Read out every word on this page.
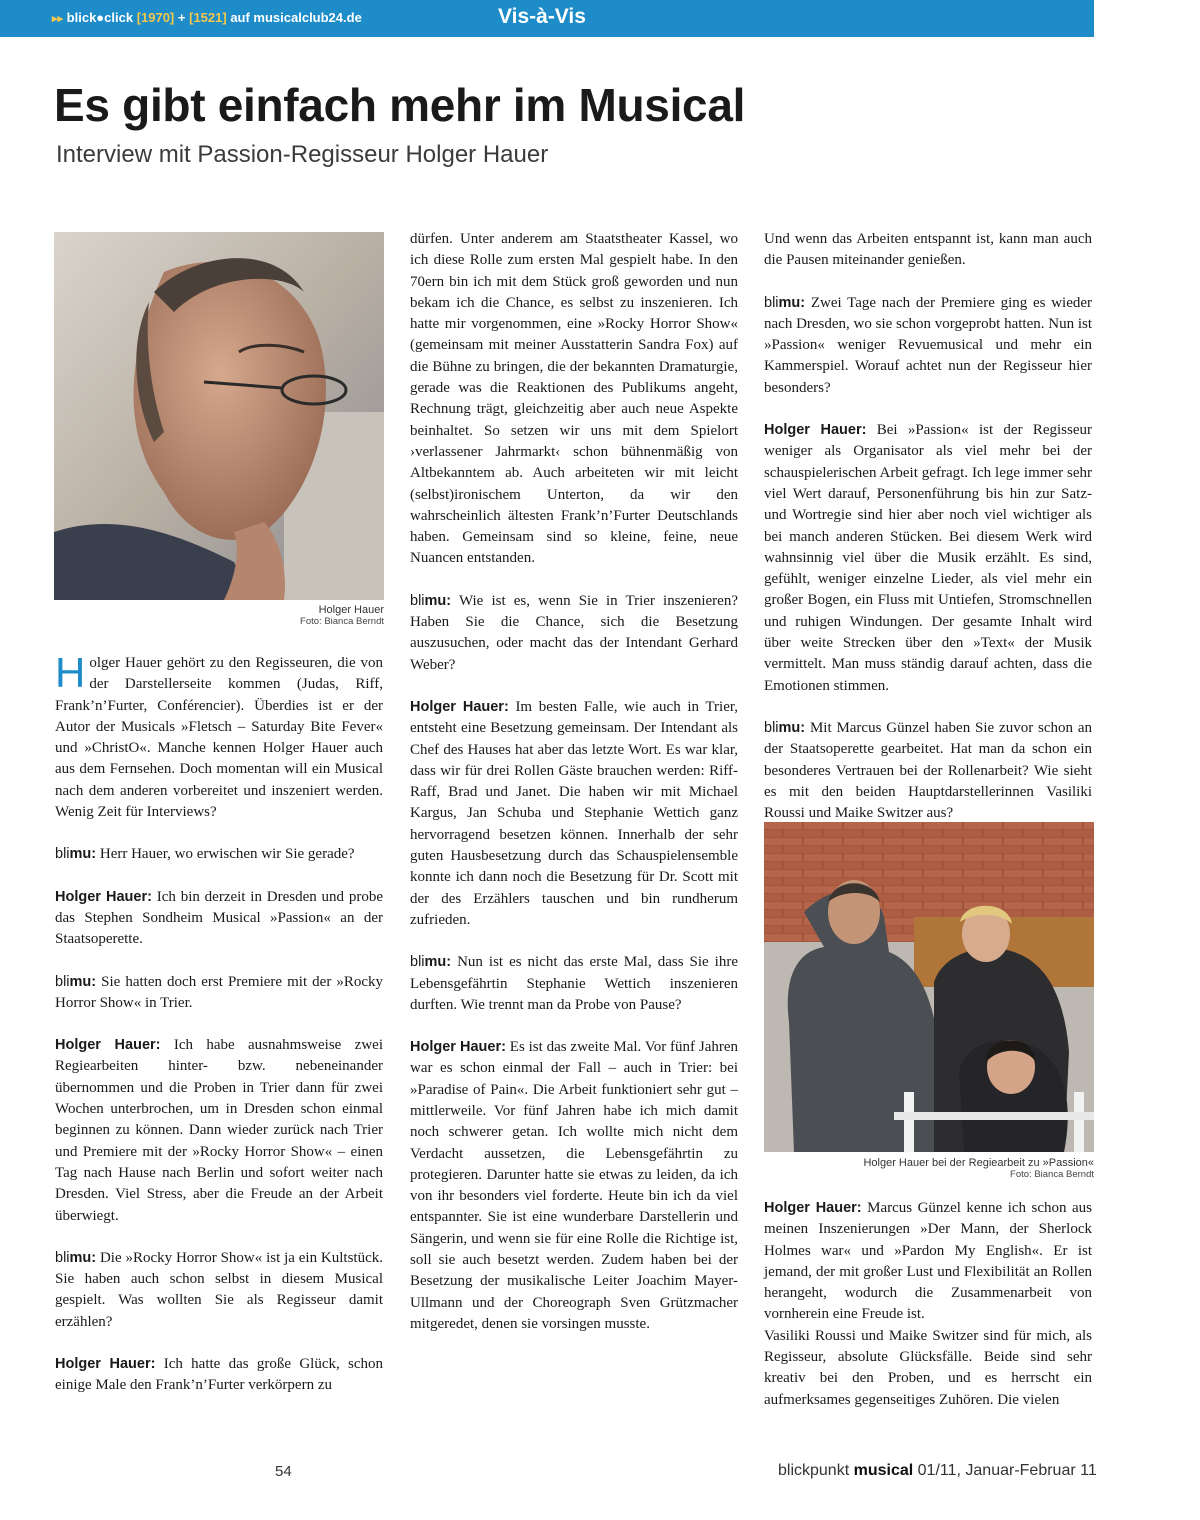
▸▸ blick●click [1970] + [1521] auf musicalclub24.de	Vis-à-Vis
Es gibt einfach mehr im Musical
Interview mit Passion-Regisseur Holger Hauer
Holger Hauer
Foto: Bianca Berndt

Holger Hauer gehört zu den Regisseuren, die von der Darstellerseite kommen (Judas, Riff, Frank’n’Furter, Conférencier). Überdies ist er der Autor der Musicals »Fletsch – Saturday Bite Fever« und »ChristO«. Manche kennen Holger Hauer auch aus dem Fernsehen. Doch momentan will ein Musical nach dem anderen vorbereitet und inszeniert werden. Wenig Zeit für Interviews?

blimu: Herr Hauer, wo erwischen wir Sie gerade?

Holger Hauer: Ich bin derzeit in Dresden und probe das Stephen Sondheim Musical »Passion« an der Staatsoperette.

blimu: Sie hatten doch erst Premiere mit der »Rocky Horror Show« in Trier.

Holger Hauer: Ich habe ausnahmsweise zwei Regiearbeiten hinter- bzw. nebeneinander übernommen und die Proben in Trier dann für zwei Wochen unterbrochen, um in Dresden schon einmal beginnen zu können. Dann wieder zurück nach Trier und Premiere mit der »Rocky Horror Show« – einen Tag nach Hause nach Berlin und sofort weiter nach Dresden. Viel Stress, aber die Freude an der Arbeit überwiegt.

blimu: Die »Rocky Horror Show« ist ja ein Kultstück. Sie haben auch schon selbst in diesem Musical gespielt. Was wollten Sie als Regisseur damit erzählen?

Holger Hauer: Ich hatte das große Glück, schon einige Male den Frank’n’Furter verkörpern zu

dürfen. Unter anderem am Staatstheater Kassel, wo ich diese Rolle zum ersten Mal gespielt habe. In den 70ern bin ich mit dem Stück groß geworden und nun bekam ich die Chance, es selbst zu inszenieren. Ich hatte mir vorgenommen, eine »Rocky Horror Show« (gemeinsam mit meiner Ausstatterin Sandra Fox) auf die Bühne zu bringen, die der bekannten Dramaturgie, gerade was die Reaktionen des Publikums angeht, Rechnung trägt, gleichzeitig aber auch neue Aspekte beinhaltet. So setzen wir uns mit dem Spielort ›verlassener Jahrmarkt‹ schon bühnenmäßig von Altbekanntem ab. Auch arbeiteten wir mit leicht (selbst)ironischem Unterton, da wir den wahrscheinlich ältesten Frank’n’Furter Deutschlands haben. Gemeinsam sind so kleine, feine, neue Nuancen entstanden.

blimu: Wie ist es, wenn Sie in Trier inszenieren? Haben Sie die Chance, sich die Besetzung auszusuchen, oder macht das der Intendant Gerhard Weber?

Holger Hauer: Im besten Falle, wie auch in Trier, entsteht eine Besetzung gemeinsam. Der Intendant als Chef des Hauses hat aber das letzte Wort. Es war klar, dass wir für drei Rollen Gäste brauchen werden: Riff-Raff, Brad und Janet. Die haben wir mit Michael Kargus, Jan Schuba und Stephanie Wettich ganz hervorragend besetzen können. Innerhalb der sehr guten Hausbesetzung durch das Schauspielensemble konnte ich dann noch die Besetzung für Dr. Scott mit der des Erzählers tauschen und bin rundherum zufrieden.

blimu: Nun ist es nicht das erste Mal, dass Sie ihre Lebensgefährtin Stephanie Wettich inszenieren durften. Wie trennt man da Probe von Pause?

Holger Hauer: Es ist das zweite Mal. Vor fünf Jahren war es schon einmal der Fall – auch in Trier: bei »Paradise of Pain«. Die Arbeit funktioniert sehr gut – mittlerweile. Vor fünf Jahren habe ich mich damit noch schwerer getan. Ich wollte mich nicht dem Verdacht aussetzen, die Lebensgefährtin zu protegieren. Darunter hatte sie etwas zu leiden, da ich von ihr besonders viel forderte. Heute bin ich da viel entspannter. Sie ist eine wunderbare Darstellerin und Sängerin, und wenn sie für eine Rolle die Richtige ist, soll sie auch besetzt werden. Zudem haben bei der Besetzung der musikalische Leiter Joachim Mayer-Ullmann und der Choreograph Sven Grützmacher mitgeredet, denen sie vorsingen musste.

Und wenn das Arbeiten entspannt ist, kann man auch die Pausen miteinander genießen.

blimu: Zwei Tage nach der Premiere ging es wieder nach Dresden, wo sie schon vorgeprobt hatten. Nun ist »Passion« weniger Revuemusical und mehr ein Kammerspiel. Worauf achtet nun der Regisseur hier besonders?

Holger Hauer: Bei »Passion« ist der Regisseur weniger als Organisator als viel mehr bei der schauspielerischen Arbeit gefragt. Ich lege immer sehr viel Wert darauf, Personenführung bis hin zur Satz- und Wortregie sind hier aber noch viel wichtiger als bei manch anderen Stücken. Bei diesem Werk wird wahnsinnig viel über die Musik erzählt. Es sind, gefühlt, weniger einzelne Lieder, als viel mehr ein großer Bogen, ein Fluss mit Untiefen, Stromschnellen und ruhigen Windungen. Der gesamte Inhalt wird über weite Strecken über den »Text« der Musik vermittelt. Man muss ständig darauf achten, dass die Emotionen stimmen.

blimu: Mit Marcus Günzel haben Sie zuvor schon an der Staatsoperette gearbeitet. Hat man da schon ein besonderes Vertrauen bei der Rollenarbeit? Wie sieht es mit den beiden Hauptdarstellerinnen Vasiliki Roussi und Maike Switzer aus?

Holger Hauer bei der Regiearbeit zu »Passion«
Foto: Bianca Berndt

Holger Hauer: Marcus Günzel kenne ich schon aus meinen Inszenierungen »Der Mann, der Sherlock Holmes war« und »Pardon My English«. Er ist jemand, der mit großer Lust und Flexibilität an Rollen herangeht, wodurch die Zusammenarbeit von vornherein eine Freude ist.

Vasiliki Roussi und Maike Switzer sind für mich, als Regisseur, absolute Glücksfälle. Beide sind sehr kreativ bei den Proben, und es herrscht ein aufmerksames gegenseitiges Zuhören. Die vielen

54	blickpunkt musical 01/11, Januar-Februar 11
